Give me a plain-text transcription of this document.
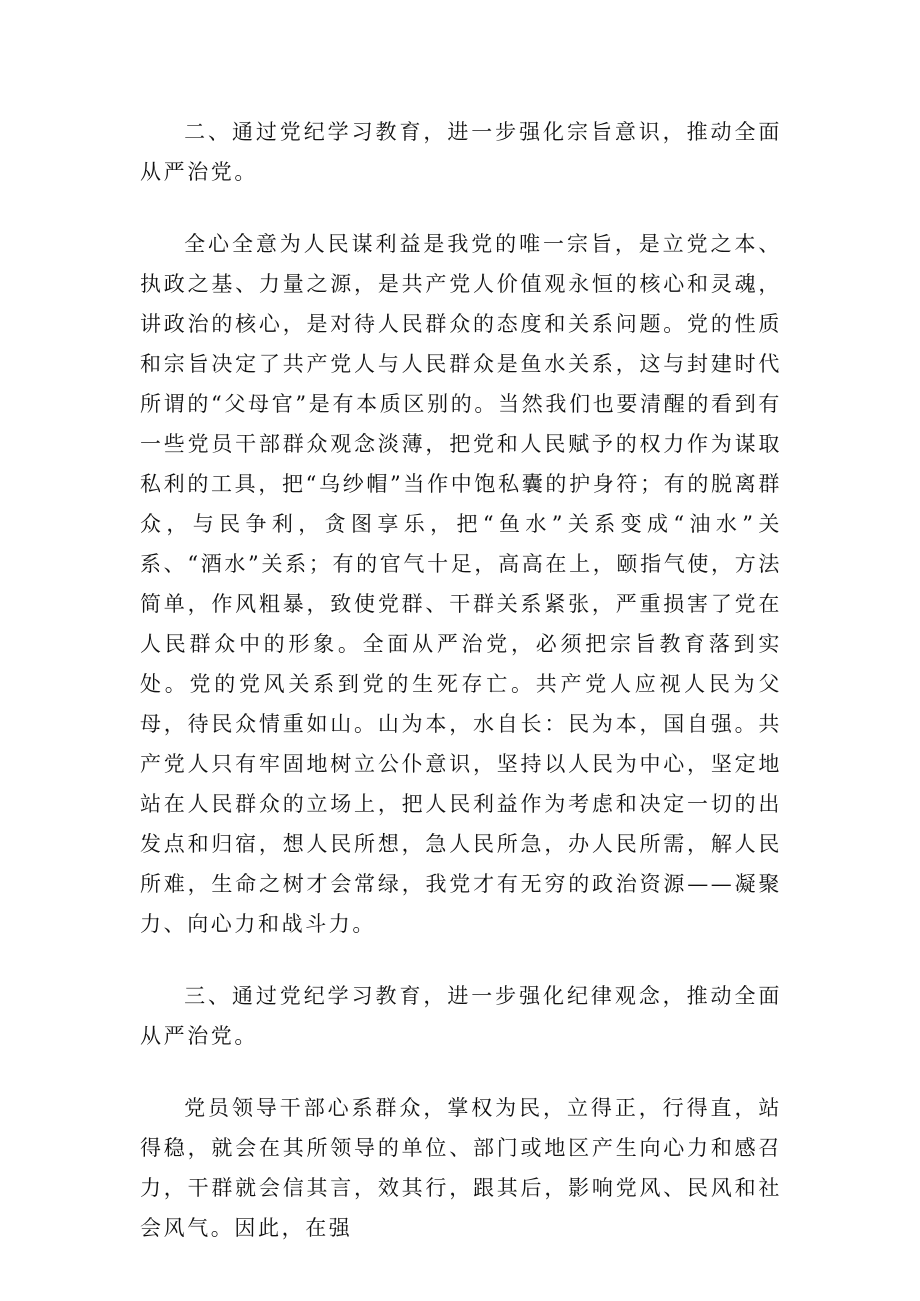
二、通过党纪学习教育，进一步强化宗旨意识，推动全面从严治党。

全心全意为人民谋利益是我党的唯一宗旨，是立党之本、执政之基、力量之源，是共产党人价值观永恒的核心和灵魂，讲政治的核心，是对待人民群众的态度和关系问题。党的性质和宗旨决定了共产党人与人民群众是鱼水关系，这与封建时代所谓的“父母官”是有本质区别的。当然我们也要清醒的看到有一些党员干部群众观念淡薄，把党和人民赋予的权力作为谋取私利的工具，把“乌纱帽”当作中饱私囊的护身符；有的脱离群众，与民争利，贪图享乐，把“鱼水”关系变成“油水”关系、“酒水”关系；有的官气十足，高高在上，颐指气使，方法简单，作风粗暴，致使党群、干群关系紧张，严重损害了党在人民群众中的形象。全面从严治党，必须把宗旨教育落到实处。党的党风关系到党的生死存亡。共产党人应视人民为父母，待民众情重如山。山为本，水自长：民为本，国自强。共产党人只有牢固地树立公仆意识，坚持以人民为中心，坚定地站在人民群众的立场上，把人民利益作为考虑和决定一切的出发点和归宿，想人民所想，急人民所急，办人民所需，解人民所难，生命之树才会常绿，我党才有无穷的政治资源——凝聚力、向心力和战斗力。

三、通过党纪学习教育，进一步强化纪律观念，推动全面从严治党。

党员领导干部心系群众，掌权为民，立得正，行得直，站得稳，就会在其所领导的单位、部门或地区产生向心力和感召力，干群就会信其言，效其行，跟其后，影响党风、民风和社会风气。因此，在强
